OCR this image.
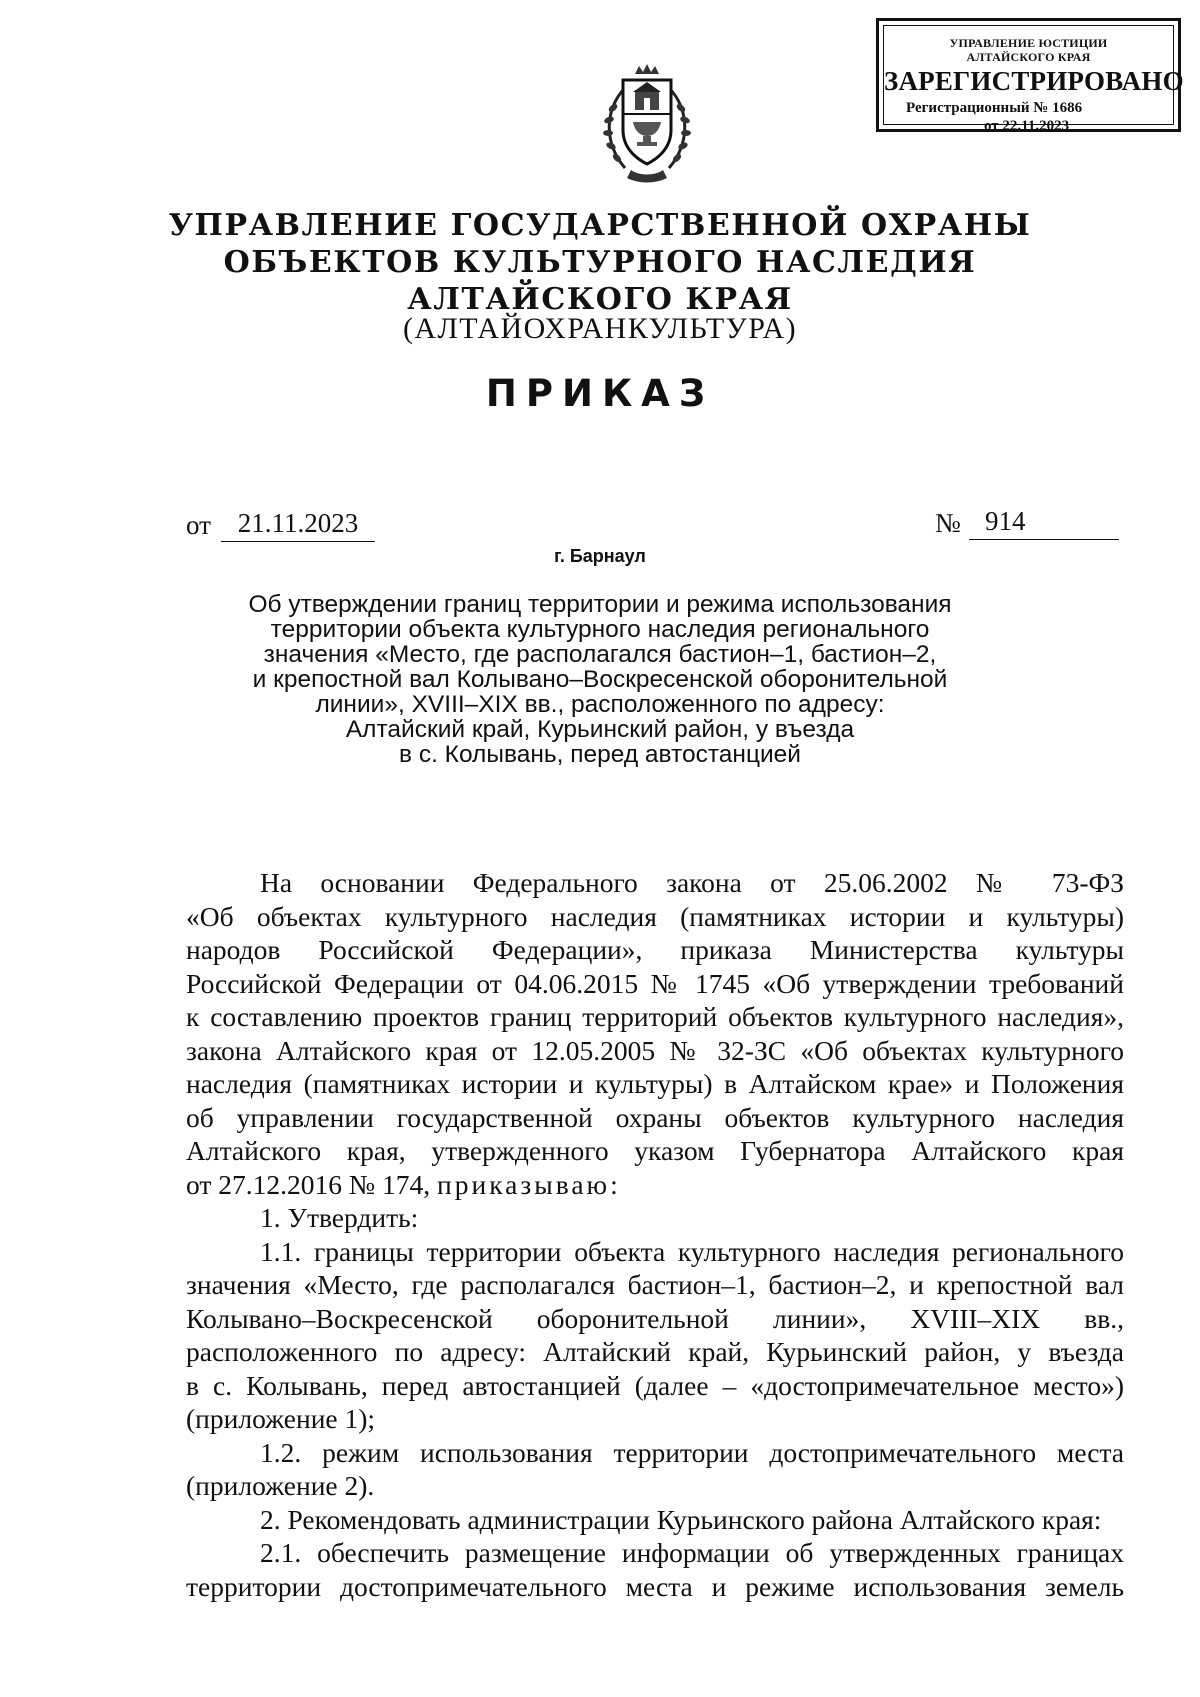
УПРАВЛЕНИЕ ЮСТИЦИИ
АЛТАЙСКОГО КРАЯ
ЗАРЕГИСТРИРОВАНО
Регистрационный № 1686
от 22.11.2023
УПРАВЛЕНИЕ ГОСУДАРСТВЕННОЙ ОХРАНЫ
ОБЪЕКТОВ КУЛЬТУРНОГО НАСЛЕДИЯ
АЛТАЙСКОГО КРАЯ
(АЛТАЙОХРАНКУЛЬТУРА)
ПРИКАЗ
от 21.11.2023	№ 914
г. Барнаул
Об утверждении границ территории и режима использования
территории объекта культурного наследия регионального
значения «Место, где располагался бастион–1, бастион–2,
и крепостной вал Колывано–Воскресенской оборонительной
линии», XVIII–XIX вв., расположенного по адресу:
Алтайский край, Курьинский район, у въезда
в с. Колывань, перед автостанцией
На основании Федерального закона от 25.06.2002 № 73-ФЗ
«Об объектах культурного наследия (памятниках истории и культуры)
народов Российской Федерации», приказа Министерства культуры
Российской Федерации от 04.06.2015 № 1745 «Об утверждении требований
к составлению проектов границ территорий объектов культурного наследия»,
закона Алтайского края от 12.05.2005 № 32-ЗС «Об объектах культурного
наследия (памятниках истории и культуры) в Алтайском крае» и Положения
об управлении государственной охраны объектов культурного наследия
Алтайского края, утвержденного указом Губернатора Алтайского края
от 27.12.2016 № 174, приказываю:
1. Утвердить:
1.1. границы территории объекта культурного наследия регионального
значения «Место, где располагался бастион–1, бастион–2, и крепостной вал
Колывано–Воскресенской оборонительной линии», XVIII–XIX вв.,
расположенного по адресу: Алтайский край, Курьинский район, у въезда
в с. Колывань, перед автостанцией (далее – «достопримечательное место»)
(приложение 1);
1.2. режим использования территории достопримечательного места
(приложение 2).
2. Рекомендовать администрации Курьинского района Алтайского края:
2.1. обеспечить размещение информации об утвержденных границах
территории достопримечательного места и режиме использования земель
